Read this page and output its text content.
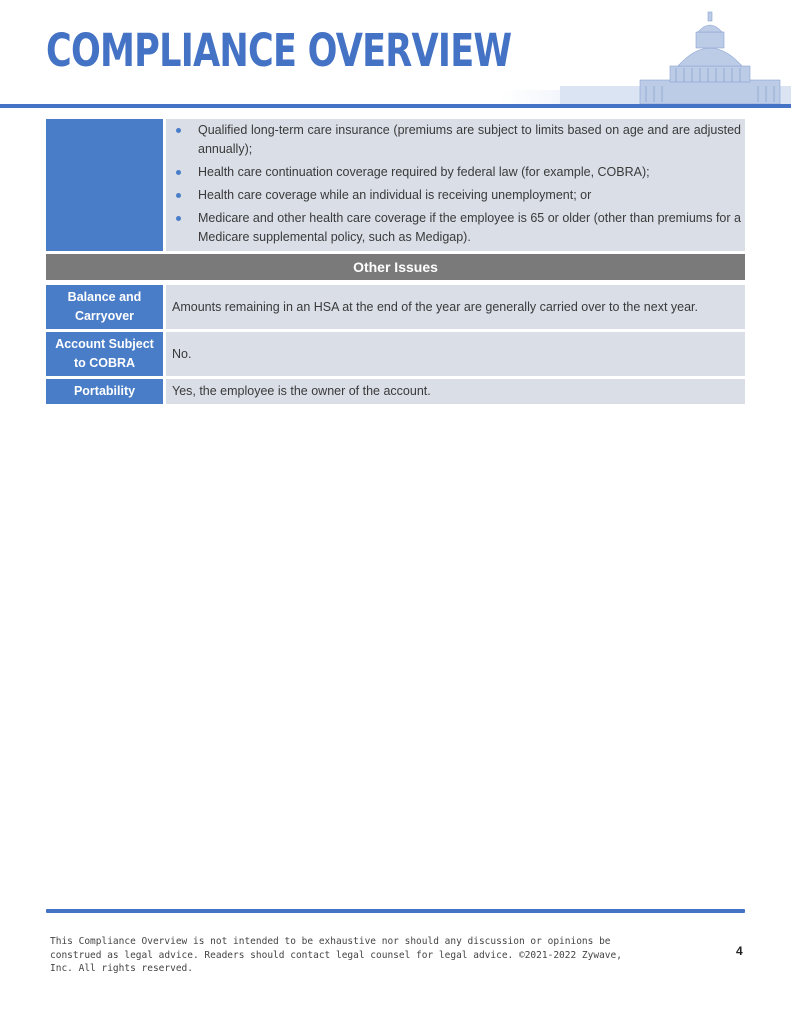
COMPLIANCE OVERVIEW
Qualified long-term care insurance (premiums are subject to limits based on age and are adjusted annually);
Health care continuation coverage required by federal law (for example, COBRA);
Health care coverage while an individual is receiving unemployment; or
Medicare and other health care coverage if the employee is 65 or older (other than premiums for a Medicare supplemental policy, such as Medigap).
Other Issues
Balance and Carryover
Amounts remaining in an HSA at the end of the year are generally carried over to the next year.
Account Subject to COBRA
No.
Portability	Yes, the employee is the owner of the account.
This Compliance Overview is not intended to be exhaustive nor should any discussion or opinions be construed as legal advice. Readers should contact legal counsel for legal advice. ©2021-2022 Zywave, Inc. All rights reserved.
4
